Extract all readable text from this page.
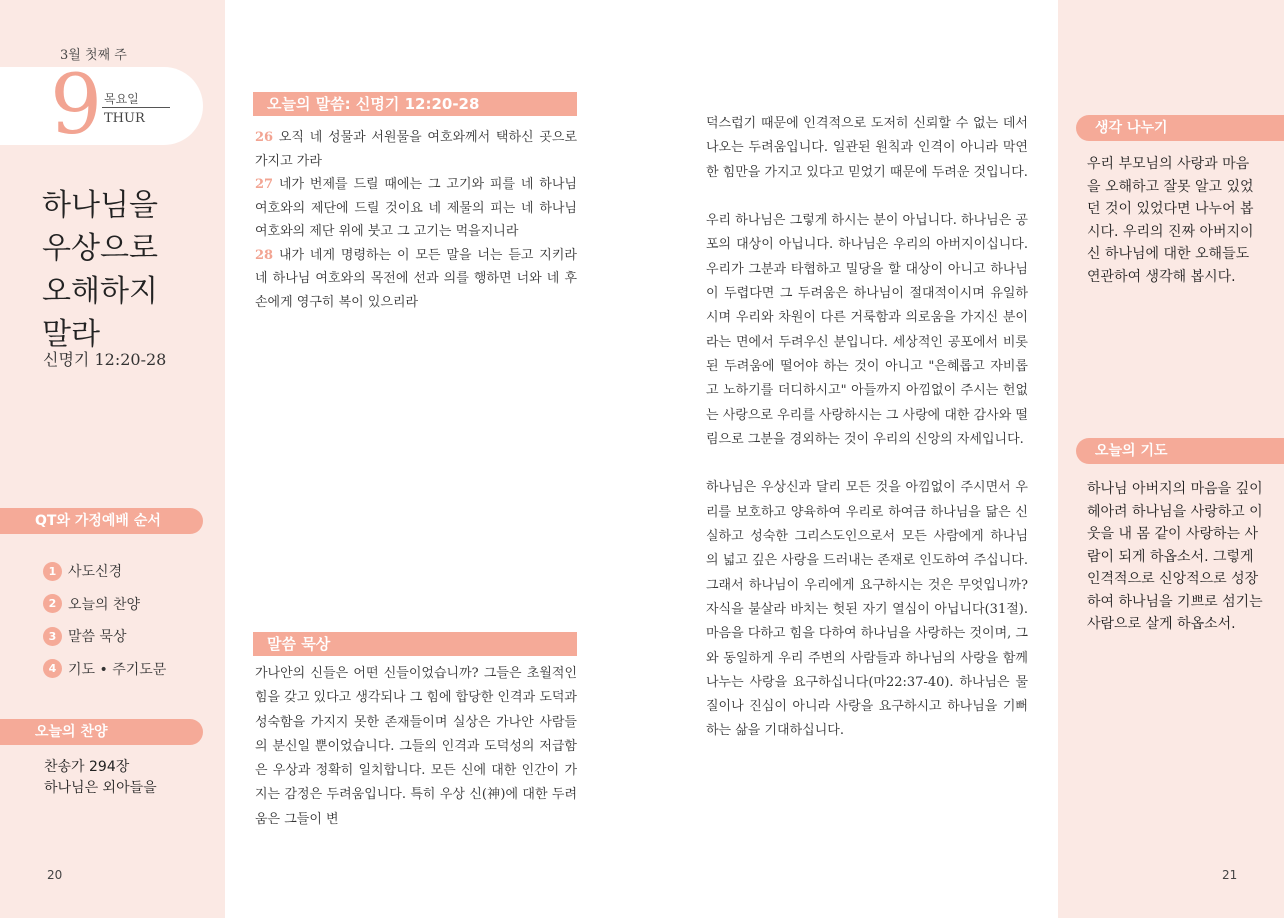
3월 첫째 주
9 목요일
THUR
하나님을
우상으로
오해하지
말라
신명기 12:20-28
QT와 가정예배 순서
1 사도신경
2 오늘의 찬양
3 말씀 묵상
4 기도 • 주기도문
오늘의 찬양
찬송가 294장
하나님은 외아들을
20
오늘의 말씀: 신명기 12:20-28

26 오직 네 성물과 서원물을 여호와께서 택하신 곳으로 가지고 가라

27 네가 번제를 드릴 때에는 그 고기와 피를 네 하나님 여호와의 제단에 드릴 것이요 네 제물의 피는 네 하나님 여호와의 제단 위에 붓고 그 고기는 먹을지니라

28 내가 네게 명령하는 이 모든 말을 너는 듣고 지키라 네 하나님 여호와의 목전에 선과 의를 행하면 너와 네 후손에게 영구히 복이 있으리라

말씀 묵상

가나안의 신들은 어떤 신들이었습니까? 그들은 초월적인 힘을 갖고 있다고 생각되나 그 힘에 합당한 인격과 도덕과 성숙함을 가지지 못한 존재들이며 실상은 가나안 사람들의 분신일 뿐이었습니다. 그들의 인격과 도덕성의 저급함은 우상과 정확히 일치합니다. 모든 신에 대한 인간이 가지는 감정은 두려움입니다. 특히 우상 신(神)에 대한 두려움은 그들이 변

덕스럽기 때문에 인격적으로 도저히 신뢰할 수 없는 데서 나오는 두려움입니다. 일관된 원칙과 인격이 아니라 막연한 힘만을 가지고 있다고 믿었기 때문에 두려운 것입니다.

우리 하나님은 그렇게 하시는 분이 아닙니다. 하나님은 공포의 대상이 아닙니다. 하나님은 우리의 아버지이십니다. 우리가 그분과 타협하고 밀당을 할 대상이 아니고 하나님이 두렵다면 그 두려움은 하나님이 절대적이시며 유일하시며 우리와 차원이 다른 거룩함과 의로움을 가지신 분이라는 면에서 두려우신 분입니다. 세상적인 공포에서 비롯된 두려움에 떨어야 하는 것이 아니고 "은혜롭고 자비롭고 노하기를 더디하시고" 아들까지 아낌없이 주시는 헌없는 사랑으로 우리를 사랑하시는 그 사랑에 대한 감사와 떨림으로 그분을 경외하는 것이 우리의 신앙의 자세입니다.

하나님은 우상신과 달리 모든 것을 아낌없이 주시면서 우리를 보호하고 양육하여 우리로 하여금 하나님을 닮은 신실하고 성숙한 그리스도인으로서 모든 사람에게 하나님의 넓고 깊은 사랑을 드러내는 존재로 인도하여 주십니다. 그래서 하나님이 우리에게 요구하시는 것은 무엇입니까? 자식을 불살라 바치는 헛된 자기 열심이 아닙니다(31절). 마음을 다하고 힘을 다하여 하나님을 사랑하는 것이며, 그와 동일하게 우리 주변의 사람들과 하나님의 사랑을 함께 나누는 사랑을 요구하십니다(마22:37-40). 하나님은 물질이나 진심이 아니라 사랑을 요구하시고 하나님을 기뻐하는 삶을 기대하십니다.

21
생각 나누기
우리 부모님의 사랑과 마음을 오해하고 잘못 알고 있었던 것이 있었다면 나누어 봅시다. 우리의 진짜 아버지이신 하나님에 대한 오해들도 연관하여 생각해 봅시다.
오늘의 기도
하나님 아버지의 마음을 깊이 헤아려 하나님을 사랑하고 이웃을 내 몸 같이 사랑하는 사람이 되게 하옵소서. 그렇게 인격적으로 신앙적으로 성장하여 하나님을 기쁘로 섬기는 사람으로 살게 하옵소서.
